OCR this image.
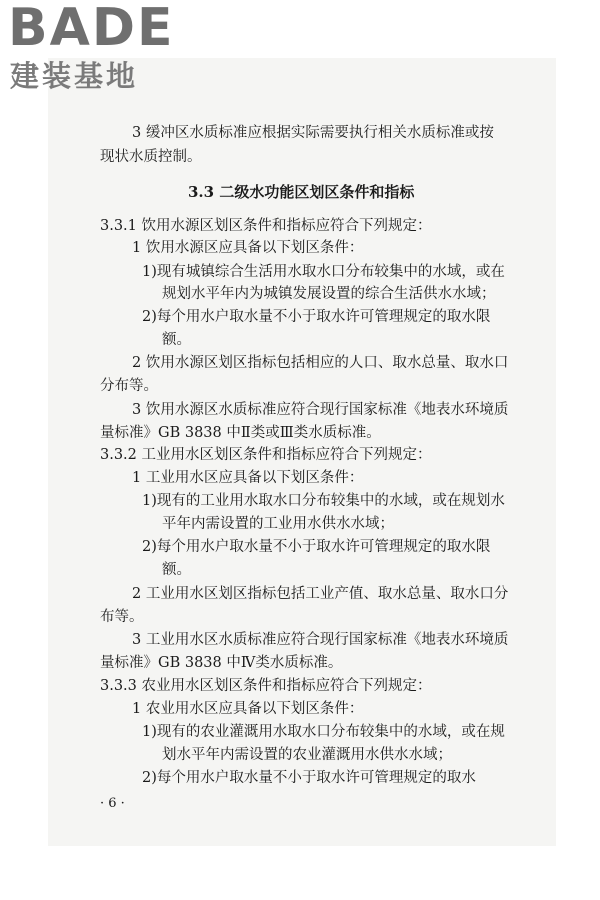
BADE
建装基地
3 缓冲区水质标准应根据实际需要执行相关水质标准或按
现状水质控制。
3.3 二级水功能区划区条件和指标
3.3.1 饮用水源区划区条件和指标应符合下列规定：
1 饮用水源区应具备以下划区条件：
1)现有城镇综合生活用水取水口分布较集中的水域，或在
规划水平年内为城镇发展设置的综合生活供水水域；
2)每个用水户取水量不小于取水许可管理规定的取水限
额。
2 饮用水源区划区指标包括相应的人口、取水总量、取水口
分布等。
3 饮用水源区水质标准应符合现行国家标准《地表水环境质
量标准》GB 3838 中Ⅱ类或Ⅲ类水质标准。
3.3.2 工业用水区划区条件和指标应符合下列规定：
1 工业用水区应具备以下划区条件：
1)现有的工业用水取水口分布较集中的水域，或在规划水
平年内需设置的工业用水供水水域；
2)每个用水户取水量不小于取水许可管理规定的取水限
额。
2 工业用水区划区指标包括工业产值、取水总量、取水口分
布等。
3 工业用水区水质标准应符合现行国家标准《地表水环境质
量标准》GB 3838 中Ⅳ类水质标准。
3.3.3 农业用水区划区条件和指标应符合下列规定：
1 农业用水区应具备以下划区条件：
1)现有的农业灌溉用水取水口分布较集中的水域，或在规
划水平年内需设置的农业灌溉用水供水水域；
2)每个用水户取水量不小于取水许可管理规定的取水
· 6 ·
